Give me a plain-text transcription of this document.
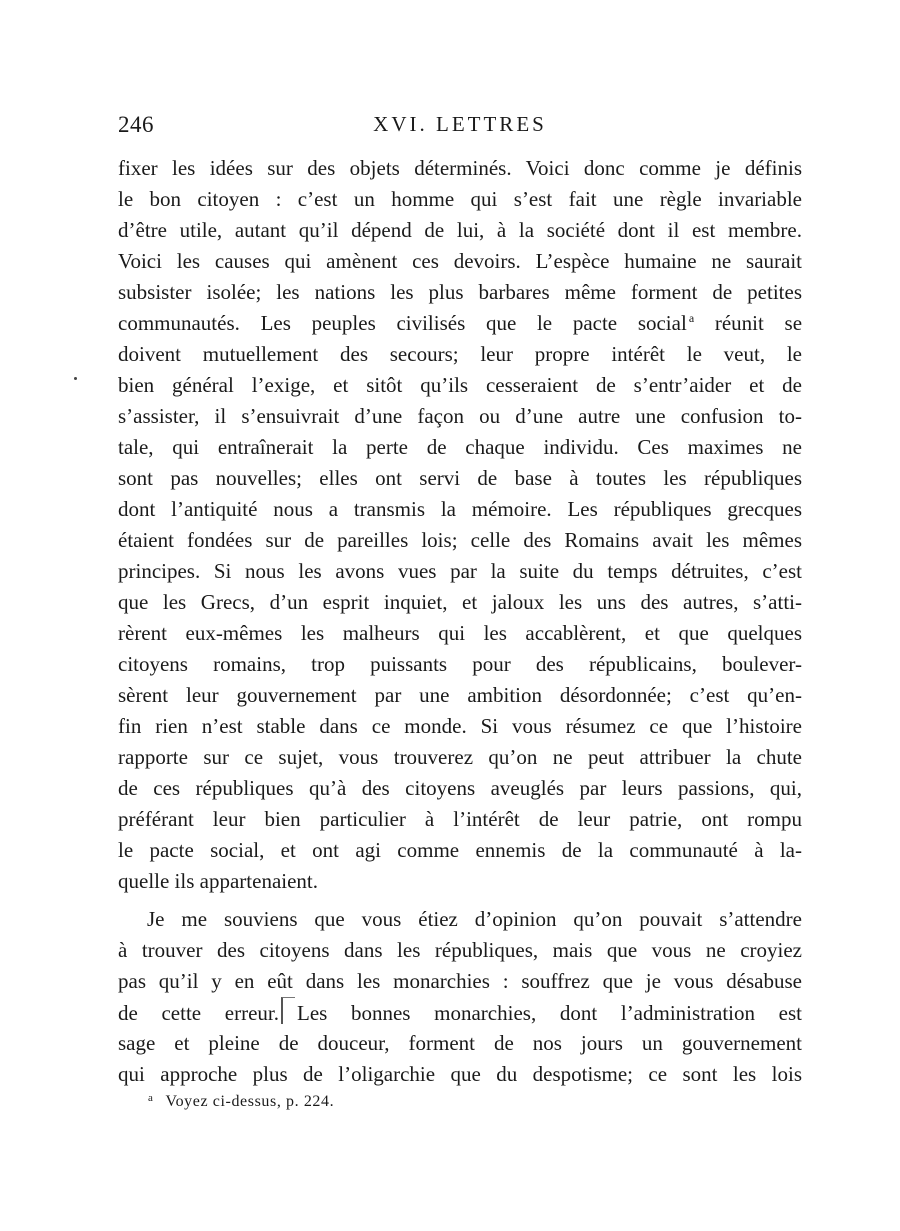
246	XVI. LETTRES
fixer les idées sur des objets déterminés. Voici donc comme je définis
le bon citoyen : c’est un homme qui s’est fait une règle invariable
d’être utile, autant qu’il dépend de lui, à la société dont il est membre.
Voici les causes qui amènent ces devoirs. L’espèce humaine ne saurait
subsister isolée; les nations les plus barbares même forment de petites
communautés. Les peuples civilisés que le pacte social $^a$ réunit se
doivent mutuellement des secours; leur propre intérêt le veut, le
bien général l’exige, et sitôt qu’ils cesseraient de s’entr’aider et de
s’assister, il s’ensuivrait d’une façon ou d’une autre une confusion to-
tale, qui entraînerait la perte de chaque individu. Ces maximes ne
sont pas nouvelles; elles ont servi de base à toutes les républiques
dont l’antiquité nous a transmis la mémoire. Les républiques grecques
étaient fondées sur de pareilles lois; celle des Romains avait les mêmes
principes. Si nous les avons vues par la suite du temps détruites, c’est
que les Grecs, d’un esprit inquiet, et jaloux les uns des autres, s’atti-
rèrent eux-mêmes les malheurs qui les accablèrent, et que quelques
citoyens romains, trop puissants pour des républicains, boulever-
sèrent leur gouvernement par une ambition désordonnée; c’est qu’en-
fin rien n’est stable dans ce monde. Si vous résumez ce que l’histoire
rapporte sur ce sujet, vous trouverez qu’on ne peut attribuer la chute
de ces républiques qu’à des citoyens aveuglés par leurs passions, qui,
préférant leur bien particulier à l’intérêt de leur patrie, ont rompu
le pacte social, et ont agi comme ennemis de la communauté à la-
quelle ils appartenaient.
Je me souviens que vous étiez d’opinion qu’on pouvait s’attendre
à trouver des citoyens dans les républiques, mais que vous ne croyiez
pas qu’il y en eût dans les monarchies : souffrez que je vous désabuse
de cette erreur. Les bonnes monarchies, dont l’administration est
sage et pleine de douceur, forment de nos jours un gouvernement
qui approche plus de l’oligarchie que du despotisme; ce sont les lois
$^a$ Voyez ci-dessus, p. 224.
